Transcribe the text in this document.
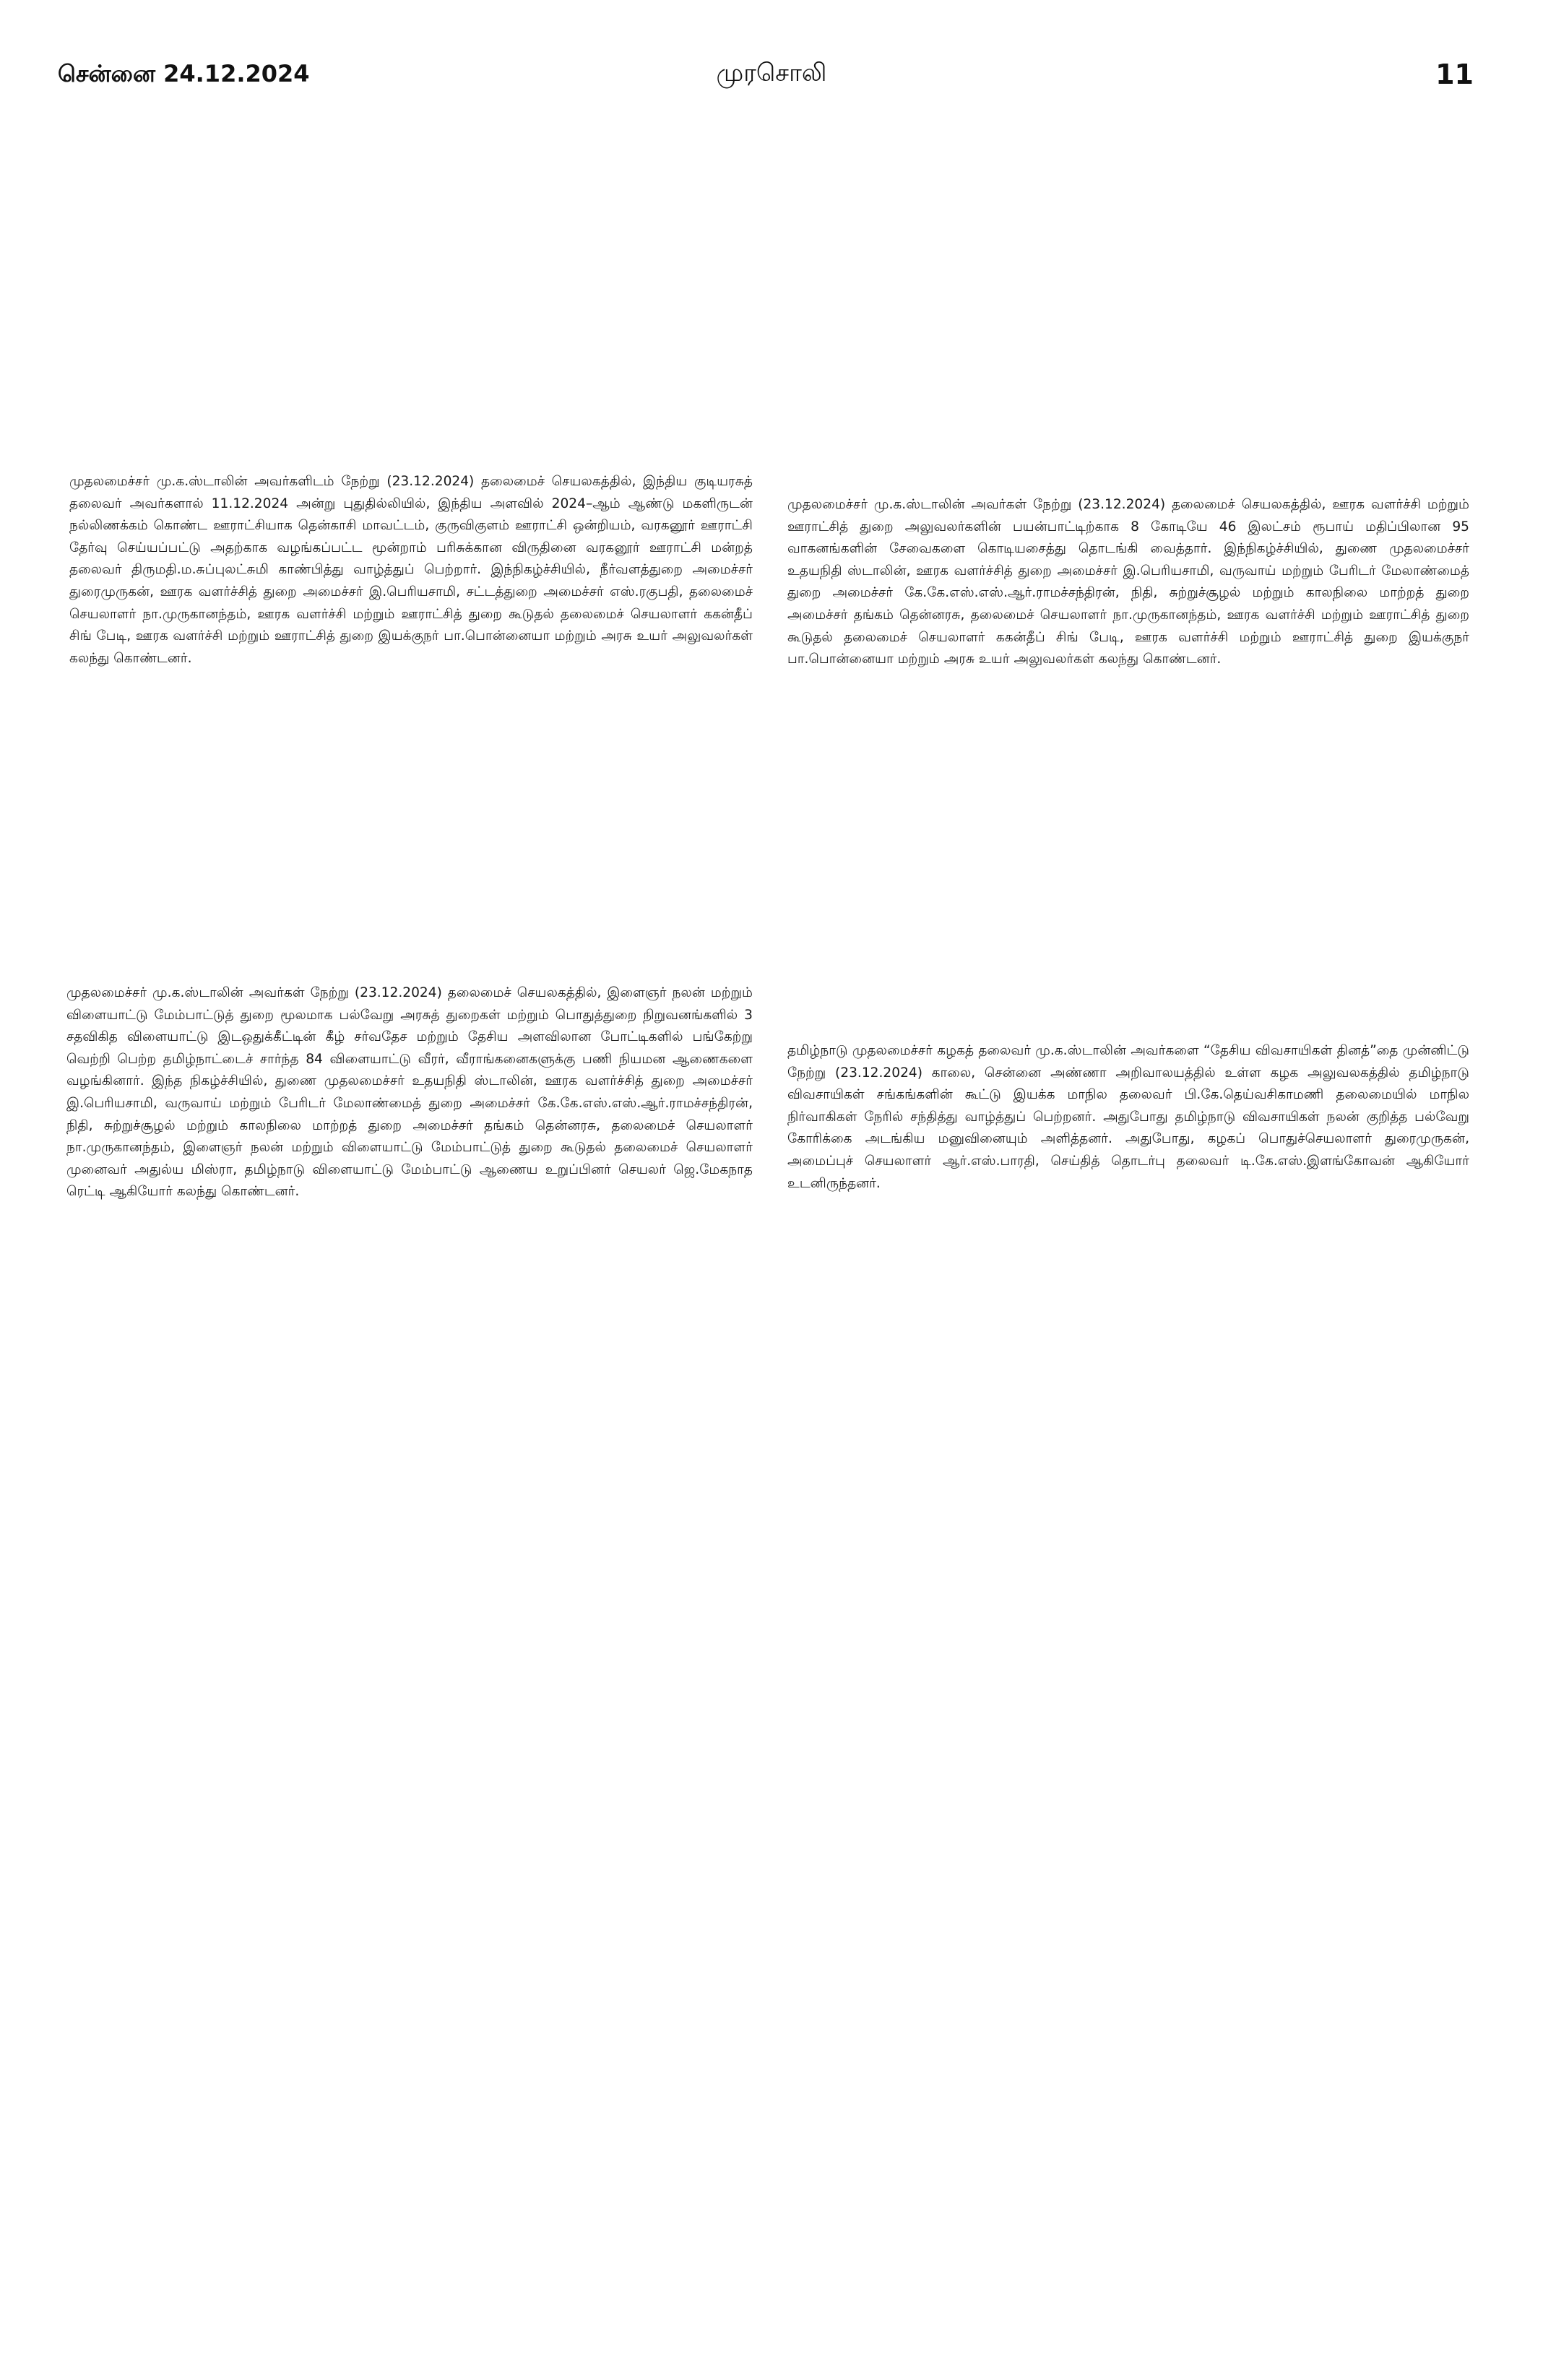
சென்னை 24.12.2024	முரசொலி	11

முதலமைச்சர் மு.க.ஸ்டாலின் அவர்களிடம் நேற்று (23.12.2024) தலைமைச் செயலகத்தில், இந்திய குடியரசுத் தலைவர் அவர்களால் 11.12.2024 அன்று புதுதில்லியில், இந்திய அளவில் 2024–ஆம் ஆண்டு மகளிருடன் நல்லிணக்கம் கொண்ட ஊராட்சியாக தென்காசி மாவட்டம், குருவிகுளம் ஊராட்சி ஒன்றியம், வரகனூர் ஊராட்சி தேர்வு செய்யப்பட்டு அதற்காக வழங்கப்பட்ட மூன்றாம் பரிசுக்கான விருதினை வரகனூர் ஊராட்சி மன்றத் தலைவர் திருமதி.ம.சுப்புலட்சுமி காண்பித்து வாழ்த்துப் பெற்றார். இந்நிகழ்ச்சியில், நீர்வளத்துறை அமைச்சர் துரைமுருகன், ஊரக வளர்ச்சித் துறை அமைச்சர் இ.பெரியசாமி, சட்டத்துறை அமைச்சர் எஸ்.ரகுபதி, தலைமைச் செயலாளர் நா.முருகானந்தம், ஊரக வளர்ச்சி மற்றும் ஊராட்சித் துறை கூடுதல் தலைமைச் செயலாளர் ககன்தீப் சிங் பேடி, ஊரக வளர்ச்சி மற்றும் ஊராட்சித் துறை இயக்குநர் பா.பொன்னையா மற்றும் அரசு உயர் அலுவலர்கள் கலந்து கொண்டனர்.

முதலமைச்சர் மு.க.ஸ்டாலின் அவர்கள் நேற்று (23.12.2024) தலைமைச் செயலகத்தில், ஊரக வளர்ச்சி மற்றும் ஊராட்சித் துறை அலுவலர்களின் பயன்பாட்டிற்காக 8 கோடியே 46 இலட்சம் ரூபாய் மதிப்பிலான 95 வாகனங்களின் சேவைகளை கொடியசைத்து தொடங்கி வைத்தார். இந்நிகழ்ச்சியில், துணை முதலமைச்சர் உதயநிதி ஸ்டாலின், ஊரக வளர்ச்சித் துறை அமைச்சர் இ.பெரியசாமி, வருவாய் மற்றும் பேரிடர் மேலாண்மைத் துறை அமைச்சர் கே.கே.எஸ்.எஸ்.ஆர்.ராமச்சந்திரன், நிதி, சுற்றுச்சூழல் மற்றும் காலநிலை மாற்றத் துறை அமைச்சர் தங்கம் தென்னரசு, தலைமைச் செயலாளர் நா.முருகானந்தம், ஊரக வளர்ச்சி மற்றும் ஊராட்சித் துறை கூடுதல் தலைமைச் செயலாளர் ககன்தீப் சிங் பேடி, ஊரக வளர்ச்சி மற்றும் ஊராட்சித் துறை இயக்குநர் பா.பொன்னையா மற்றும் அரசு உயர் அலுவலர்கள் கலந்து கொண்டனர்.

முதலமைச்சர் மு.க.ஸ்டாலின் அவர்கள் நேற்று (23.12.2024) தலைமைச் செயலகத்தில், இளைஞர் நலன் மற்றும் விளையாட்டு மேம்பாட்டுத் துறை மூலமாக பல்வேறு அரசுத் துறைகள் மற்றும் பொதுத்துறை நிறுவனங்களில் 3 சதவிகித விளையாட்டு இடஒதுக்கீட்டின் கீழ் சர்வதேச மற்றும் தேசிய அளவிலான போட்டிகளில் பங்கேற்று வெற்றி பெற்ற தமிழ்நாட்டைச் சார்ந்த 84 விளையாட்டு வீரர், வீராங்கனைகளுக்கு பணி நியமன ஆணைகளை வழங்கினார். இந்த நிகழ்ச்சியில், துணை முதலமைச்சர் உதயநிதி ஸ்டாலின், ஊரக வளர்ச்சித் துறை அமைச்சர் இ.பெரியசாமி, வருவாய் மற்றும் பேரிடர் மேலாண்மைத் துறை அமைச்சர் கே.கே.எஸ்.எஸ்.ஆர்.ராமச்சந்திரன், நிதி, சுற்றுச்சூழல் மற்றும் காலநிலை மாற்றத் துறை அமைச்சர் தங்கம் தென்னரசு, தலைமைச் செயலாளர் நா.முருகானந்தம், இளைஞர் நலன் மற்றும் விளையாட்டு மேம்பாட்டுத் துறை கூடுதல் தலைமைச் செயலாளர் முனைவர் அதுல்ய மிஸ்ரா, தமிழ்நாடு விளையாட்டு மேம்பாட்டு ஆணைய உறுப்பினர் செயலர் ஜெ.மேகநாத ரெட்டி ஆகியோர் கலந்து கொண்டனர்.

தமிழ்நாடு முதலமைச்சர் கழகத் தலைவர் மு.க.ஸ்டாலின் அவர்களை “தேசிய விவசாயிகள் தினத்”தை முன்னிட்டு நேற்று (23.12.2024) காலை, சென்னை அண்ணா அறிவாலயத்தில் உள்ள கழக அலுவலகத்தில் தமிழ்நாடு விவசாயிகள் சங்கங்களின் கூட்டு இயக்க மாநில தலைவர் பி.கே.தெய்வசிகாமணி தலைமையில் மாநில நிர்வாகிகள் நேரில் சந்தித்து வாழ்த்துப் பெற்றனர். அதுபோது தமிழ்நாடு விவசாயிகள் நலன் குறித்த பல்வேறு கோரிக்கை அடங்கிய மனுவினையும் அளித்தனர். அதுபோது, கழகப் பொதுச்செயலாளர் துரைமுருகன், அமைப்புச் செயலாளர் ஆர்.எஸ்.பாரதி, செய்தித் தொடர்பு தலைவர் டி.கே.எஸ்.இளங்கோவன் ஆகியோர் உடனிருந்தனர்.
